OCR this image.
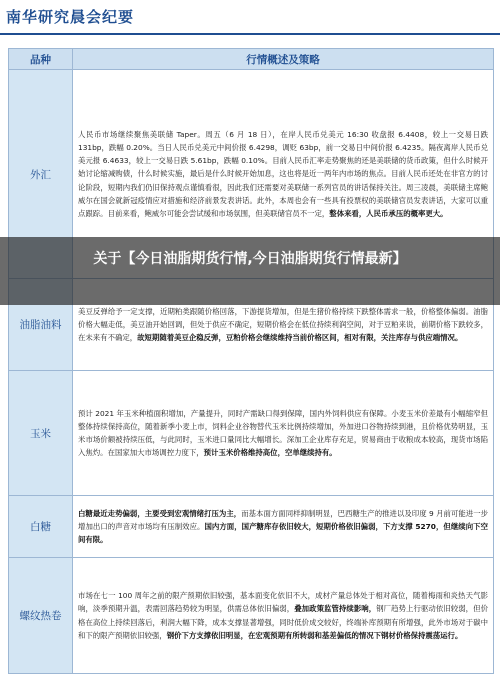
南华研究晨会纪要
品种	行情概述及策略
外汇	人民币市场继续聚焦美联储 Taper。周五（6 月 18 日），在岸人民币兑美元 16:30 收盘报 6.4408，较上一交易日跌 131bp，跌幅 0.20%。当日人民币兑美元中间价报 6.4298，调贬 63bp，前一交易日中间价报 6.4235。隔夜离岸人民币兑美元报 6.4633，较上一交易日跌 5.61bp，跌幅 0.10%。目前人民币汇率走势聚焦的还是美联储的货币政策，但什么时候开始讨论缩减购债，什么时候实施，最后是什么时候开始加息，这也将是近一两年内市场的焦点。目前人民币还处在非官方的讨论阶段，短期内我们仍旧保持观点谨慎看很，因此我们还需要对美联储一系列官员的讲话保持关注。周三凌晨，美联储主席鲍威尔在国会就新冠疫情应对措施和经济前景发表讲话。此外，本周也会有一些具有投票权的美联储官员发表讲话，大家可以重点跟踪。目前来看，鲍威尔可能会尝试缓和市场氛围，但美联储官员不一定，整体来看，人民币承压的概率更大。
油脂油料	美豆反弹给予一定支撑，近期粕类跟随价格回落，下游提货增加，但是生猪价格持续下跌整体需求一般，价格整体偏弱。油脂价格大幅走低，美豆油开始回调，但处于供应不确定，短期价格会在低位持续利润空间，对于豆粕来说，前期价格下跌较多，在未来有不确定，故短期随着美豆企稳反弹，豆粕价格会继续维持当前价格区间，相对有限，关注库存与供应端情况。
玉米	预计 2021 年玉米种植面积增加，产量提升，同时产需缺口得到保障，国内外饲料供应有保障。小麦玉米价差最有小幅缩窄但整体持续保持高位，随着新季小麦上市，饲料企业谷物替代玉米比例持续增加，外加进口谷物持续到港，且价格优势明显，玉米市场价额被持续压低，与此同时，玉米进口量同比大幅增长。深加工企业库存充足，贸易商由于收粮成本较高，现货市场陷入焦灼。在国家加大市场调控力度下，预计玉米价格维持高位，空单继续持有。
白糖	白糖最近走势偏弱，主要受到宏观情绪打压为主，而基本面方面同样抑制明显，巴西糖生产的推进以及印度 9 月前可能进一步增加出口的声音对市场均有压制效应。国内方面，国产糖库存依旧较大，短期价格依旧偏弱，下方支撑 5270，但继续向下空间有限。
螺纹热卷	市场在七一 100 周年之前的限产预期依旧较强，基本面变化依旧不大，成材产量总体处于相对高位，随着梅雨和炎热天气影响，淡季预期升温，表需回落趋势较为明显，供需总体依旧偏弱，叠加政策监管持续影响，钢厂趋势上行驱动依旧较弱，但价格在高位上持续回落后，利润大幅下降，成本支撑显著增强，同时低价成交较好，终端补库预期有所增强，此外市场对于碳中和下的限产预期依旧较强，钢价下方支撑依旧明显，在宏观预期有所转弱和基差偏低的情况下钢材价格保持震荡运行。
关于【今日油脂期货行情,今日油脂期货行情最新】
